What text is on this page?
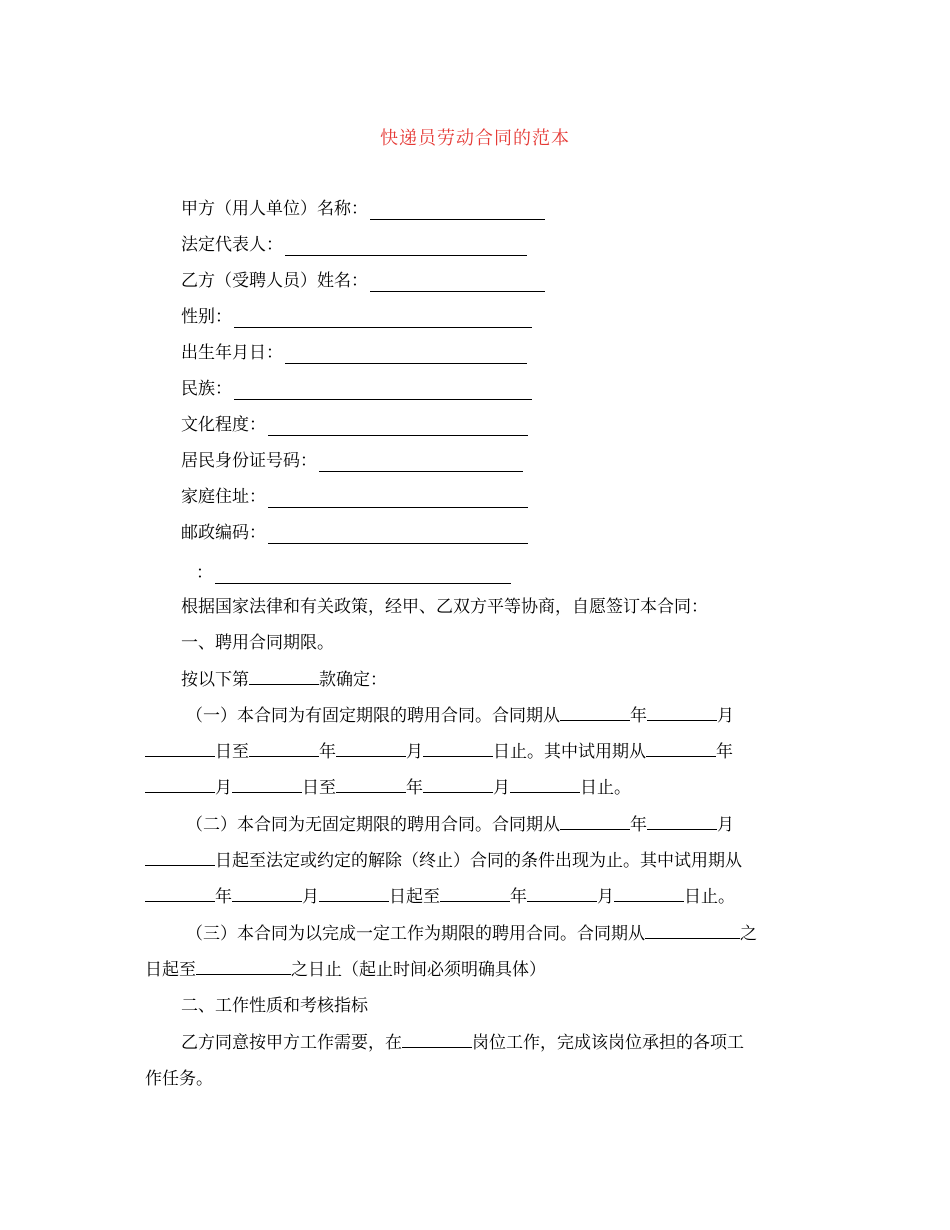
快递员劳动合同的范本
甲方（用人单位）名称：
法定代表人：
乙方（受聘人员）姓名：
性别：
出生年月日：
民族：
文化程度：
居民身份证号码：
家庭住址：
邮政编码：
：
根据国家法律和有关政策，经甲、乙双方平等协商，自愿签订本合同：
一、聘用合同期限。
按以下第	款确定：
（一）本合同为有固定期限的聘用合同。合同期从	年	月
日至	年	月	日止。其中试用期从	年
月	日至	年	月	日止。
（二）本合同为无固定期限的聘用合同。合同期从	年	月
日起至法定或约定的解除（终止）合同的条件出现为止。其中试用期从
年	月	日起至	年	月	日止。
（三）本合同为以完成一定工作为期限的聘用合同。合同期从	之
日起至	之日止（起止时间必须明确具体）
二、工作性质和考核指标
乙方同意按甲方工作需要，在	岗位工作，完成该岗位承担的各项工
作任务。
